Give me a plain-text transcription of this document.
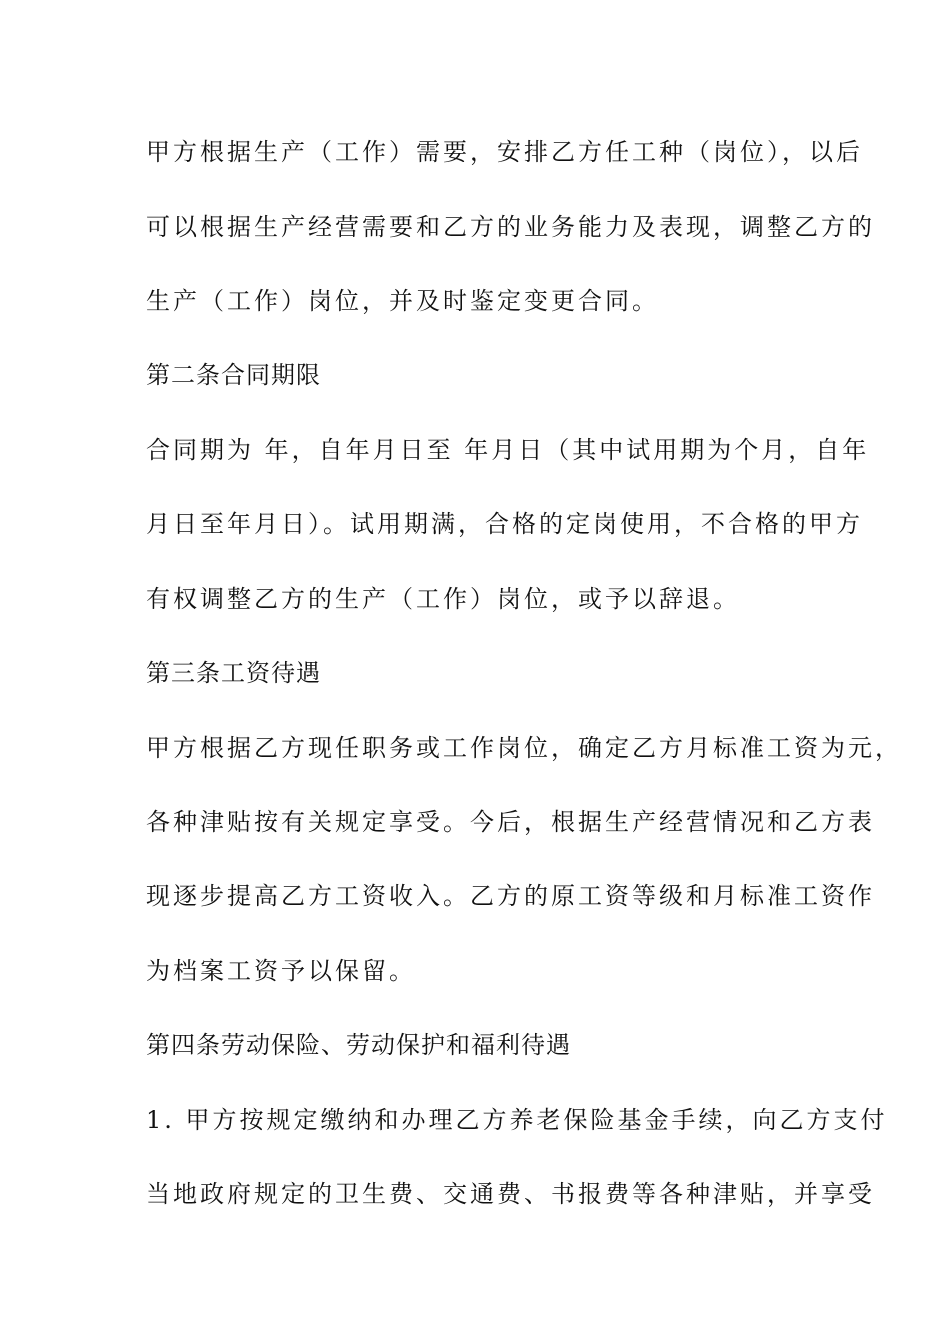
甲方根据生产（工作）需要，安排乙方任工种（岗位），以后
可以根据生产经营需要和乙方的业务能力及表现，调整乙方的
生产（工作）岗位，并及时鉴定变更合同。
第二条合同期限
合同期为 年，自年月日至 年月日（其中试用期为个月，自年
月日至年月日）。试用期满，合格的定岗使用，不合格的甲方
有权调整乙方的生产（工作）岗位，或予以辞退。
第三条工资待遇
甲方根据乙方现任职务或工作岗位，确定乙方月标准工资为元，
各种津贴按有关规定享受。今后，根据生产经营情况和乙方表
现逐步提高乙方工资收入。乙方的原工资等级和月标准工资作
为档案工资予以保留。
第四条劳动保险、劳动保护和福利待遇
1. 甲方按规定缴纳和办理乙方养老保险基金手续，向乙方支付
当地政府规定的卫生费、交通费、书报费等各种津贴，并享受
